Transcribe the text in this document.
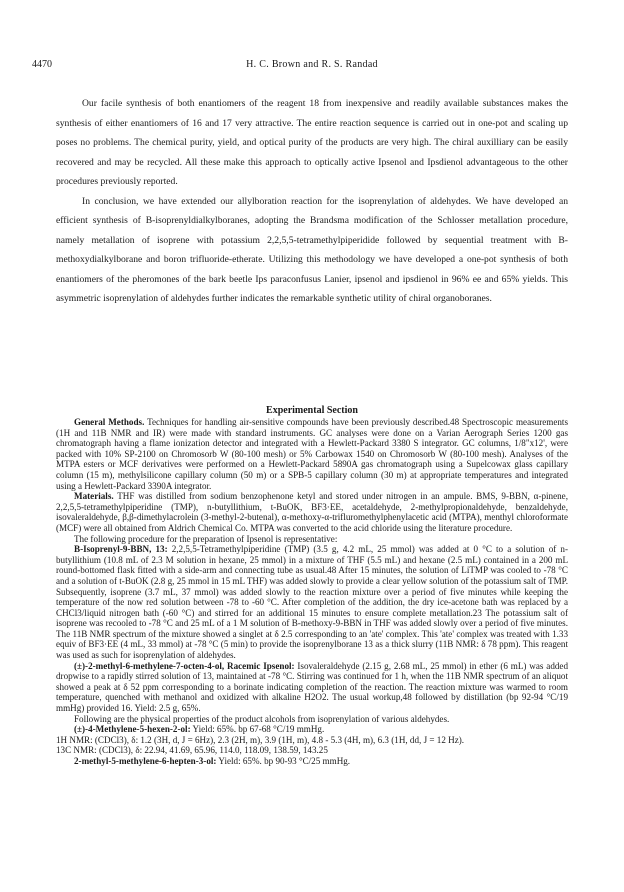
4470	H. C. Brown and R. S. Randad

Our facile synthesis of both enantiomers of the reagent 18 from inexpensive and readily available substances makes the synthesis of either enantiomers of 16 and 17 very attractive. The entire reaction sequence is carried out in one-pot and scaling up poses no problems. The chemical purity, yield, and optical purity of the products are very high. The chiral auxilliary can be easily recovered and may be recycled. All these make this approach to optically active Ipsenol and Ipsdienol advantageous to the other procedures previously reported.

In conclusion, we have extended our allylboration reaction for the isoprenylation of aldehydes. We have developed an efficient synthesis of B-isoprenyldialkylboranes, adopting the Brandsma modification of the Schlosser metallation procedure, namely metallation of isoprene with potassium 2,2,5,5-tetramethylpiperidide followed by sequential treatment with B-methoxydialkylborane and boron trifluoride-etherate. Utilizing this methodology we have developed a one-pot synthesis of both enantiomers of the pheromones of the bark beetle Ips paraconfusus Lanier, ipsenol and ipsdienol in 96% ee and 65% yields. This asymmetric isoprenylation of aldehydes further indicates the remarkable synthetic utility of chiral organoboranes.

Experimental Section

General Methods. Techniques for handling air-sensitive compounds have been previously described.48 Spectroscopic measurements (1H and 11B NMR and IR) were made with standard instruments. GC analyses were done on a Varian Aerograph Series 1200 gas chromatograph having a flame ionization detector and integrated with a Hewlett-Packard 3380 S integrator. GC columns, 1/8"x12', were packed with 10% SP-2100 on Chromosorb W (80-100 mesh) or 5% Carbowax 1540 on Chromosorb W (80-100 mesh). Analyses of the MTPA esters or MCF derivatives were performed on a Hewlett-Packard 5890A gas chromatograph using a Supelcowax glass capillary column (15 m), methylsilicone capillary column (50 m) or a SPB-5 capillary column (30 m) at appropriate temperatures and integrated using a Hewlett-Packard 3390A integrator.

Materials. THF was distilled from sodium benzophenone ketyl and stored under nitrogen in an ampule. BMS, 9-BBN, α-pinene, 2,2,5,5-tetramethylpiperidine (TMP), n-butyllithium, t-BuOK, BF3·EE, acetaldehyde, 2-methylpropionaldehyde, benzaldehyde, isovaleraldehyde, β,β-dimethylacrolein (3-methyl-2-butenal), α-methoxy-α-trifluromethylphenylacetic acid (MTPA), menthyl chloroformate (MCF) were all obtained from Aldrich Chemical Co. MTPA was converted to the acid chloride using the literature procedure.

The following procedure for the preparation of Ipsenol is representative:

B-Isoprenyl-9-BBN, 13: 2,2,5,5-Tetramethylpiperidine (TMP) (3.5 g, 4.2 mL, 25 mmol) was added at 0 °C to a solution of n-butyllithium (10.8 mL of 2.3 M solution in hexane, 25 mmol) in a mixture of THF (5.5 mL) and hexane (2.5 mL) contained in a 200 mL round-bottomed flask fitted with a side-arm and connecting tube as usual.48 After 15 minutes, the solution of LiTMP was cooled to -78 °C and a solution of t-BuOK (2.8 g, 25 mmol in 15 mL THF) was added slowly to provide a clear yellow solution of the potassium salt of TMP. Subsequently, isoprene (3.7 mL, 37 mmol) was added slowly to the reaction mixture over a period of five minutes while keeping the temperature of the now red solution between -78 to -60 °C. After completion of the addition, the dry ice-acetone bath was replaced by a CHCl3/liquid nitrogen bath (-60 °C) and stirred for an additional 15 minutes to ensure complete metallation.23 The potassium salt of isoprene was recooled to -78 °C and 25 mL of a 1 M solution of B-methoxy-9-BBN in THF was added slowly over a period of five minutes. The 11B NMR spectrum of the mixture showed a singlet at δ 2.5 corresponding to an 'ate' complex. This 'ate' complex was treated with 1.33 equiv of BF3·EE (4 mL, 33 mmol) at -78 °C (5 min) to provide the isoprenylborane 13 as a thick slurry (11B NMR: δ 78 ppm). This reagent was used as such for isoprenylation of aldehydes.

(±)-2-methyl-6-methylene-7-octen-4-ol, Racemic Ipsenol: Isovaleraldehyde (2.15 g, 2.68 mL, 25 mmol) in ether (6 mL) was added dropwise to a rapidly stirred solution of 13, maintained at -78 °C. Stirring was continued for 1 h, when the 11B NMR spectrum of an aliquot showed a peak at δ 52 ppm corresponding to a borinate indicating completion of the reaction. The reaction mixture was warmed to room temperature, quenched with methanol and oxidized with alkaline H2O2. The usual workup,48 followed by distillation (bp 92-94 °C/19 mmHg) provided 16. Yield: 2.5 g, 65%.

Following are the physical properties of the product alcohols from isoprenylation of various aldehydes.

(±)-4-Methylene-5-hexen-2-ol: Yield: 65%. bp 67-68 °C/19 mmHg.

1H NMR: (CDCl3), δ: 1.2 (3H, d, J = 6Hz), 2.3 (2H, m), 3.9 (1H, m), 4.8 - 5.3 (4H, m), 6.3 (1H, dd, J = 12 Hz).

13C NMR: (CDCl3), δ: 22.94, 41.69, 65.96, 114.0, 118.09, 138.59, 143.25

2-methyl-5-methylene-6-hepten-3-ol: Yield: 65%. bp 90-93 °C/25 mmHg.
